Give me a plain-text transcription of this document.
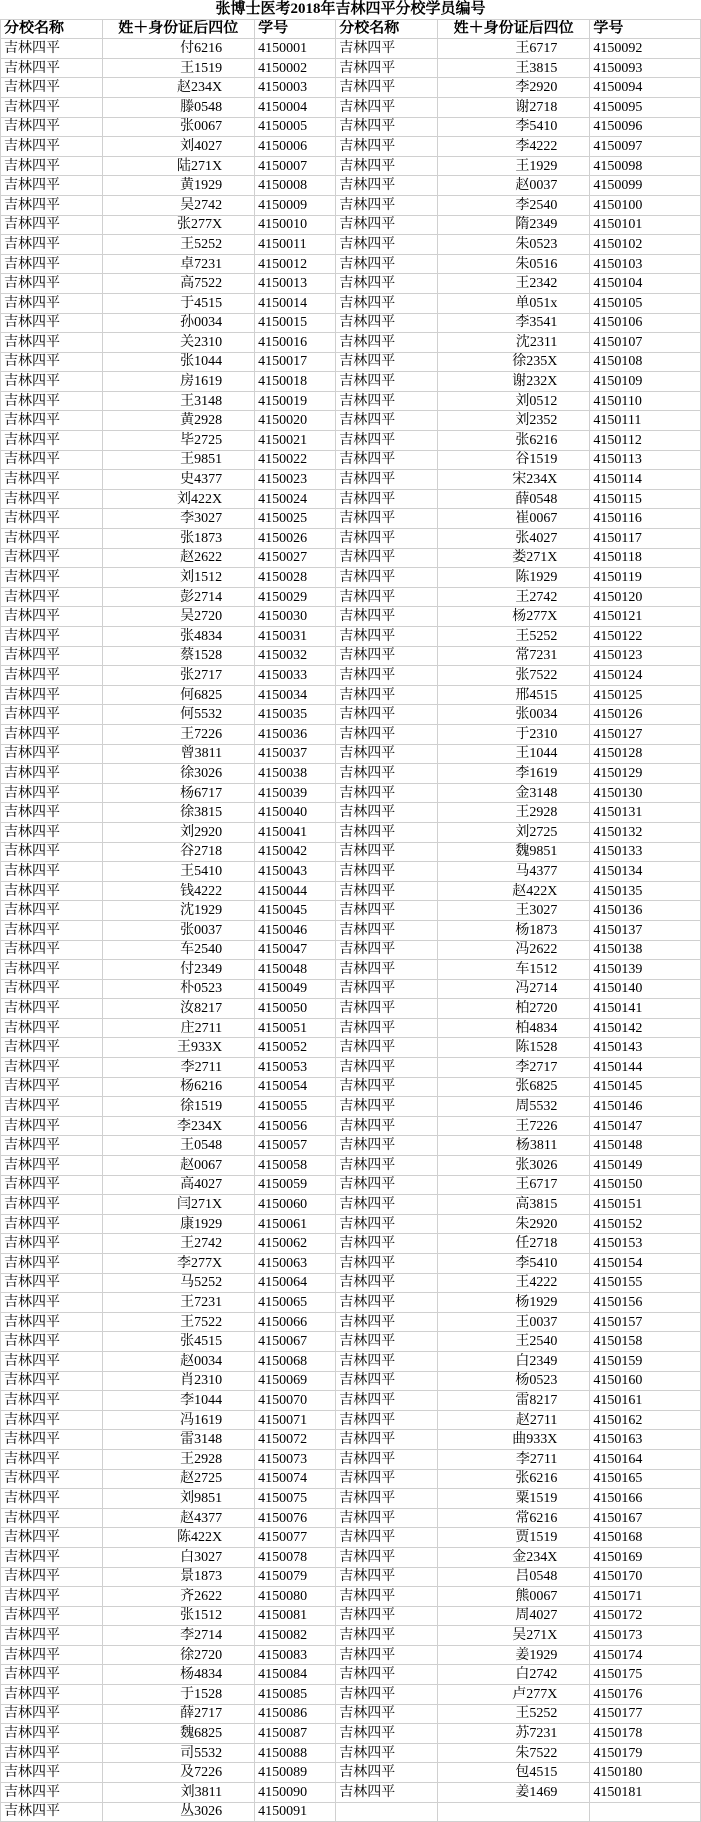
张博士医考2018年吉林四平分校学员编号					
分校名称	姓＋身份证后四位	学号	分校名称	姓＋身份证后四位	学号
吉林四平	付6216	4150001	吉林四平	王6717	4150092
吉林四平	王1519	4150002	吉林四平	王3815	4150093
吉林四平	赵234X	4150003	吉林四平	李2920	4150094
吉林四平	滕0548	4150004	吉林四平	谢2718	4150095
吉林四平	张0067	4150005	吉林四平	李5410	4150096
吉林四平	刘4027	4150006	吉林四平	李4222	4150097
吉林四平	陆271X	4150007	吉林四平	王1929	4150098
吉林四平	黄1929	4150008	吉林四平	赵0037	4150099
吉林四平	吴2742	4150009	吉林四平	李2540	4150100
吉林四平	张277X	4150010	吉林四平	隋2349	4150101
吉林四平	王5252	4150011	吉林四平	朱0523	4150102
吉林四平	卓7231	4150012	吉林四平	朱0516	4150103
吉林四平	高7522	4150013	吉林四平	王2342	4150104
吉林四平	于4515	4150014	吉林四平	单051x	4150105
吉林四平	孙0034	4150015	吉林四平	李3541	4150106
吉林四平	关2310	4150016	吉林四平	沈2311	4150107
吉林四平	张1044	4150017	吉林四平	徐235X	4150108
吉林四平	房1619	4150018	吉林四平	谢232X	4150109
吉林四平	王3148	4150019	吉林四平	刘0512	4150110
吉林四平	黄2928	4150020	吉林四平	刘2352	4150111
吉林四平	毕2725	4150021	吉林四平	张6216	4150112
吉林四平	王9851	4150022	吉林四平	谷1519	4150113
吉林四平	史4377	4150023	吉林四平	宋234X	4150114
吉林四平	刘422X	4150024	吉林四平	薛0548	4150115
吉林四平	李3027	4150025	吉林四平	崔0067	4150116
吉林四平	张1873	4150026	吉林四平	张4027	4150117
吉林四平	赵2622	4150027	吉林四平	娄271X	4150118
吉林四平	刘1512	4150028	吉林四平	陈1929	4150119
吉林四平	彭2714	4150029	吉林四平	王2742	4150120
吉林四平	吴2720	4150030	吉林四平	杨277X	4150121
吉林四平	张4834	4150031	吉林四平	王5252	4150122
吉林四平	蔡1528	4150032	吉林四平	常7231	4150123
吉林四平	张2717	4150033	吉林四平	张7522	4150124
吉林四平	何6825	4150034	吉林四平	邢4515	4150125
吉林四平	何5532	4150035	吉林四平	张0034	4150126
吉林四平	王7226	4150036	吉林四平	于2310	4150127
吉林四平	曾3811	4150037	吉林四平	王1044	4150128
吉林四平	徐3026	4150038	吉林四平	李1619	4150129
吉林四平	杨6717	4150039	吉林四平	金3148	4150130
吉林四平	徐3815	4150040	吉林四平	王2928	4150131
吉林四平	刘2920	4150041	吉林四平	刘2725	4150132
吉林四平	谷2718	4150042	吉林四平	魏9851	4150133
吉林四平	王5410	4150043	吉林四平	马4377	4150134
吉林四平	钱4222	4150044	吉林四平	赵422X	4150135
吉林四平	沈1929	4150045	吉林四平	王3027	4150136
吉林四平	张0037	4150046	吉林四平	杨1873	4150137
吉林四平	车2540	4150047	吉林四平	冯2622	4150138
吉林四平	付2349	4150048	吉林四平	车1512	4150139
吉林四平	朴0523	4150049	吉林四平	冯2714	4150140
吉林四平	汝8217	4150050	吉林四平	柏2720	4150141
吉林四平	庄2711	4150051	吉林四平	柏4834	4150142
吉林四平	王933X	4150052	吉林四平	陈1528	4150143
吉林四平	李2711	4150053	吉林四平	李2717	4150144
吉林四平	杨6216	4150054	吉林四平	张6825	4150145
吉林四平	徐1519	4150055	吉林四平	周5532	4150146
吉林四平	李234X	4150056	吉林四平	王7226	4150147
吉林四平	王0548	4150057	吉林四平	杨3811	4150148
吉林四平	赵0067	4150058	吉林四平	张3026	4150149
吉林四平	高4027	4150059	吉林四平	王6717	4150150
吉林四平	闫271X	4150060	吉林四平	高3815	4150151
吉林四平	康1929	4150061	吉林四平	朱2920	4150152
吉林四平	王2742	4150062	吉林四平	任2718	4150153
吉林四平	李277X	4150063	吉林四平	李5410	4150154
吉林四平	马5252	4150064	吉林四平	王4222	4150155
吉林四平	王7231	4150065	吉林四平	杨1929	4150156
吉林四平	王7522	4150066	吉林四平	王0037	4150157
吉林四平	张4515	4150067	吉林四平	王2540	4150158
吉林四平	赵0034	4150068	吉林四平	白2349	4150159
吉林四平	肖2310	4150069	吉林四平	杨0523	4150160
吉林四平	李1044	4150070	吉林四平	雷8217	4150161
吉林四平	冯1619	4150071	吉林四平	赵2711	4150162
吉林四平	雷3148	4150072	吉林四平	曲933X	4150163
吉林四平	王2928	4150073	吉林四平	李2711	4150164
吉林四平	赵2725	4150074	吉林四平	张6216	4150165
吉林四平	刘9851	4150075	吉林四平	粟1519	4150166
吉林四平	赵4377	4150076	吉林四平	常6216	4150167
吉林四平	陈422X	4150077	吉林四平	贾1519	4150168
吉林四平	白3027	4150078	吉林四平	金234X	4150169
吉林四平	景1873	4150079	吉林四平	吕0548	4150170
吉林四平	齐2622	4150080	吉林四平	熊0067	4150171
吉林四平	张1512	4150081	吉林四平	周4027	4150172
吉林四平	李2714	4150082	吉林四平	吴271X	4150173
吉林四平	徐2720	4150083	吉林四平	姜1929	4150174
吉林四平	杨4834	4150084	吉林四平	白2742	4150175
吉林四平	于1528	4150085	吉林四平	卢277X	4150176
吉林四平	薛2717	4150086	吉林四平	王5252	4150177
吉林四平	魏6825	4150087	吉林四平	苏7231	4150178
吉林四平	司5532	4150088	吉林四平	朱7522	4150179
吉林四平	及7226	4150089	吉林四平	包4515	4150180
吉林四平	刘3811	4150090	吉林四平	姜1469	4150181
吉林四平	丛3026	4150091			
